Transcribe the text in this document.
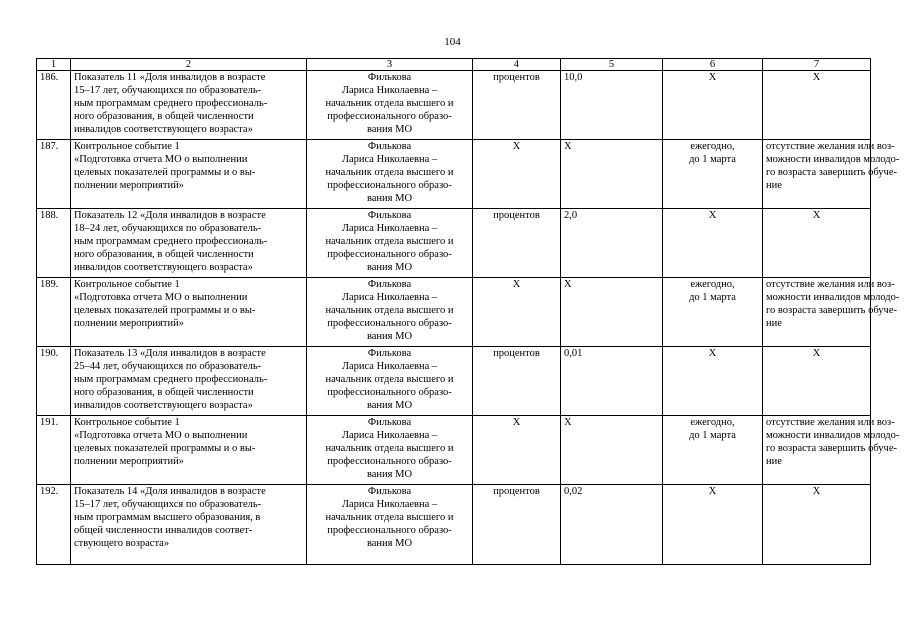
104
1	2	3	4	5	6	7
186.	Показатель 11 «Доля инвалидов в возрасте
15–17 лет, обучающихся по образователь-
ным программам среднего профессиональ-
ного образования, в общей численности
инвалидов соответствующего возраста»	Филькова
Лариса Николаевна –
начальник отдела высшего и
профессионального образо-
вания МО	процентов	10,0	Х	Х

187.	Контрольное событие 1
«Подготовка отчета МО о выполнении
целевых показателей программы и о вы-
полнении мероприятий»	Филькова
Лариса Николаевна –
начальник отдела высшего и
профессионального образо-
вания МО	Х	Х	ежегодно,
до 1 марта	отсутствие желания или воз-
можности инвалидов молодо-
го возраста завершить обуче-
ние

188.	Показатель 12 «Доля инвалидов в возрасте
18–24 лет, обучающихся по образователь-
ным программам среднего профессиональ-
ного образования, в общей численности
инвалидов соответствующего возраста»	Филькова
Лариса Николаевна –
начальник отдела высшего и
профессионального образо-
вания МО	процентов	2,0	Х	Х

189.	Контрольное событие 1
«Подготовка отчета МО о выполнении
целевых показателей программы и о вы-
полнении мероприятий»	Филькова
Лариса Николаевна –
начальник отдела высшего и
профессионального образо-
вания МО	Х	Х	ежегодно,
до 1 марта	отсутствие желания или воз-
можности инвалидов молодо-
го возраста завершить обуче-
ние

190.	Показатель 13 «Доля инвалидов в возрасте
25–44 лет, обучающихся по образователь-
ным программам среднего профессиональ-
ного образования, в общей численности
инвалидов соответствующего возраста»	Филькова
Лариса Николаевна –
начальник отдела высшего и
профессионального образо-
вания МО	процентов	0,01	Х	Х

191.	Контрольное событие 1
«Подготовка отчета МО о выполнении
целевых показателей программы и о вы-
полнении мероприятий»	Филькова
Лариса Николаевна –
начальник отдела высшего и
профессионального образо-
вания МО	Х	Х	ежегодно,
до 1 марта	отсутствие желания или воз-
можности инвалидов молодо-
го возраста завершить обуче-
ние

192.	Показатель 14 «Доля инвалидов в возрасте
15–17 лет, обучающихся по образователь-
ным программам высшего образования, в
общей численности инвалидов соответ-
ствующего возраста»	Филькова
Лариса Николаевна –
начальник отдела высшего и
профессионального образо-
вания МО	процентов	0,02	Х	Х
